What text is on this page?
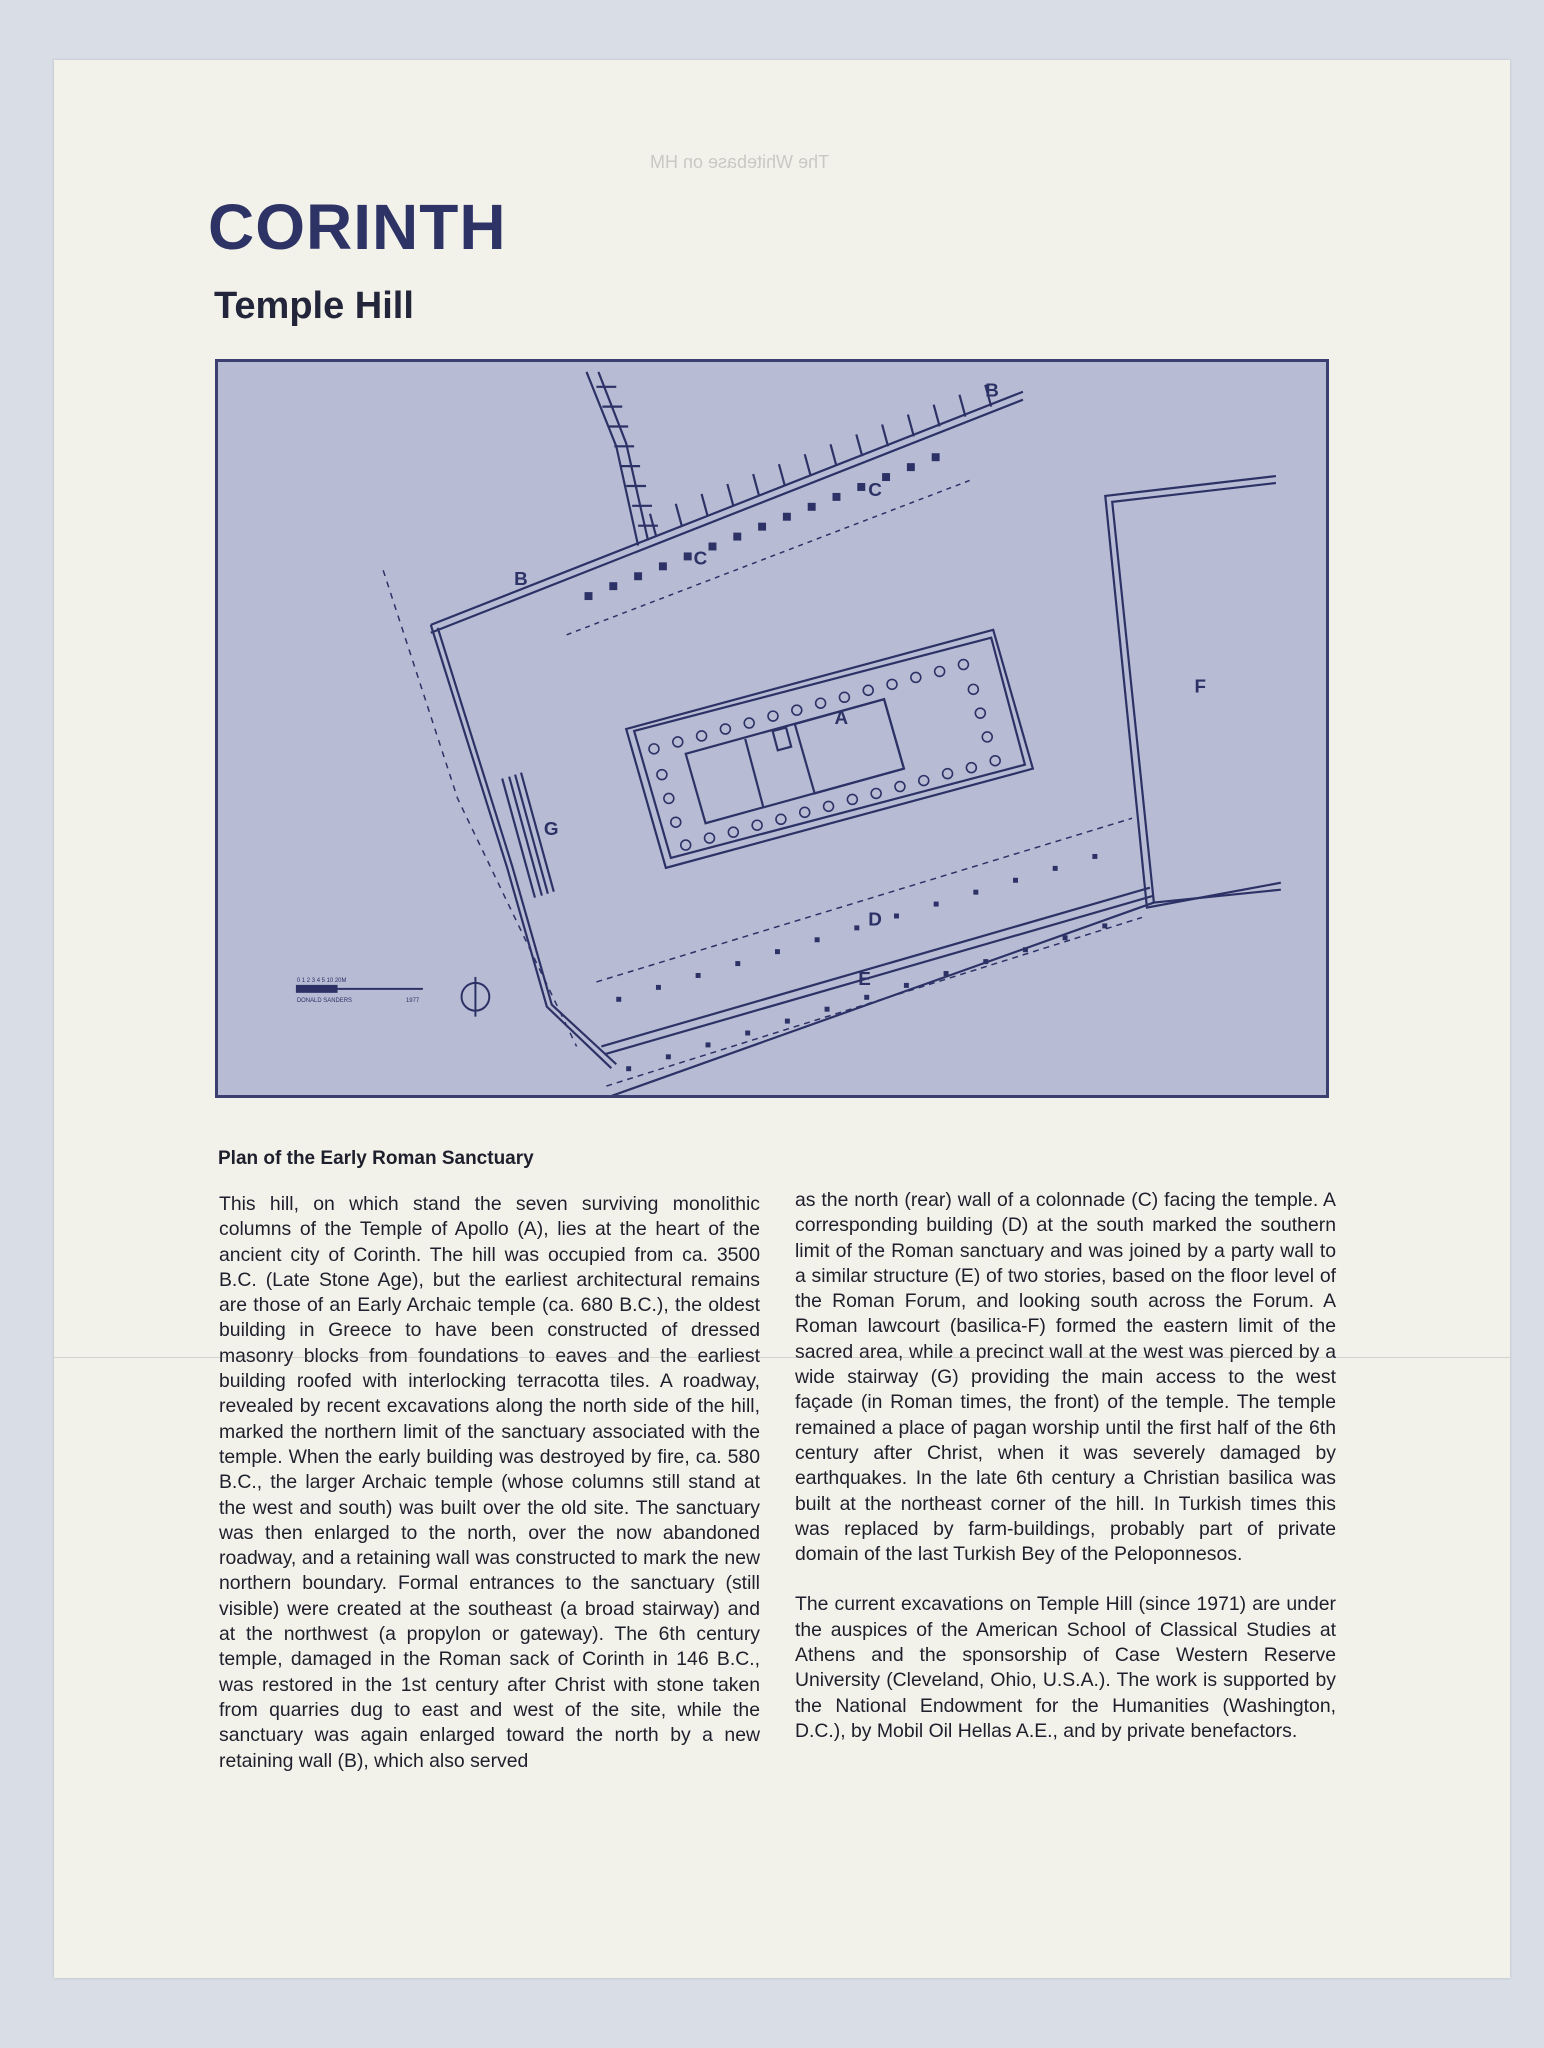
The Whitebase on HM
CORINTH
Temple Hill
A
B
B
C
C
D
E
F
G
0 1 2 3 4 5 10 20M
DONALD SANDERS	1977

Plan of the Early Roman Sanctuary

This hill, on which stand the seven surviving monolithic columns of the Temple of Apollo (A), lies at the heart of the ancient city of Corinth. The hill was occupied from ca. 3500 B.C. (Late Stone Age), but the earliest architectural remains are those of an Early Archaic temple (ca. 680 B.C.), the oldest building in Greece to have been constructed of dressed masonry blocks from foundations to eaves and the earliest building roofed with interlocking terracotta tiles. A roadway, revealed by recent excavations along the north side of the hill, marked the northern limit of the sanctuary associated with the temple. When the early building was destroyed by fire, ca. 580 B.C., the larger Archaic temple (whose columns still stand at the west and south) was built over the old site. The sanctuary was then enlarged to the north, over the now abandoned roadway, and a retaining wall was constructed to mark the new northern boundary. Formal entrances to the sanctuary (still visible) were created at the southeast (a broad stairway) and at the northwest (a propylon or gateway). The 6th century temple, damaged in the Roman sack of Corinth in 146 B.C., was restored in the 1st century after Christ with stone taken from quarries dug to east and west of the site, while the sanctuary was again enlarged toward the north by a new retaining wall (B), which also served

as the north (rear) wall of a colonnade (C) facing the temple. A corresponding building (D) at the south marked the southern limit of the Roman sanctuary and was joined by a party wall to a similar structure (E) of two stories, based on the floor level of the Roman Forum, and looking south across the Forum. A Roman lawcourt (basilica-F) formed the eastern limit of the sacred area, while a precinct wall at the west was pierced by a wide stairway (G) providing the main access to the west façade (in Roman times, the front) of the temple. The temple remained a place of pagan worship until the first half of the 6th century after Christ, when it was severely damaged by earthquakes. In the late 6th century a Christian basilica was built at the northeast corner of the hill. In Turkish times this was replaced by farm-buildings, probably part of private domain of the last Turkish Bey of the Peloponnesos.

The current excavations on Temple Hill (since 1971) are under the auspices of the American School of Classical Studies at Athens and the sponsorship of Case Western Reserve University (Cleveland, Ohio, U.S.A.). The work is supported by the National Endowment for the Humanities (Washington, D.C.), by Mobil Oil Hellas A.E., and by private benefactors.
